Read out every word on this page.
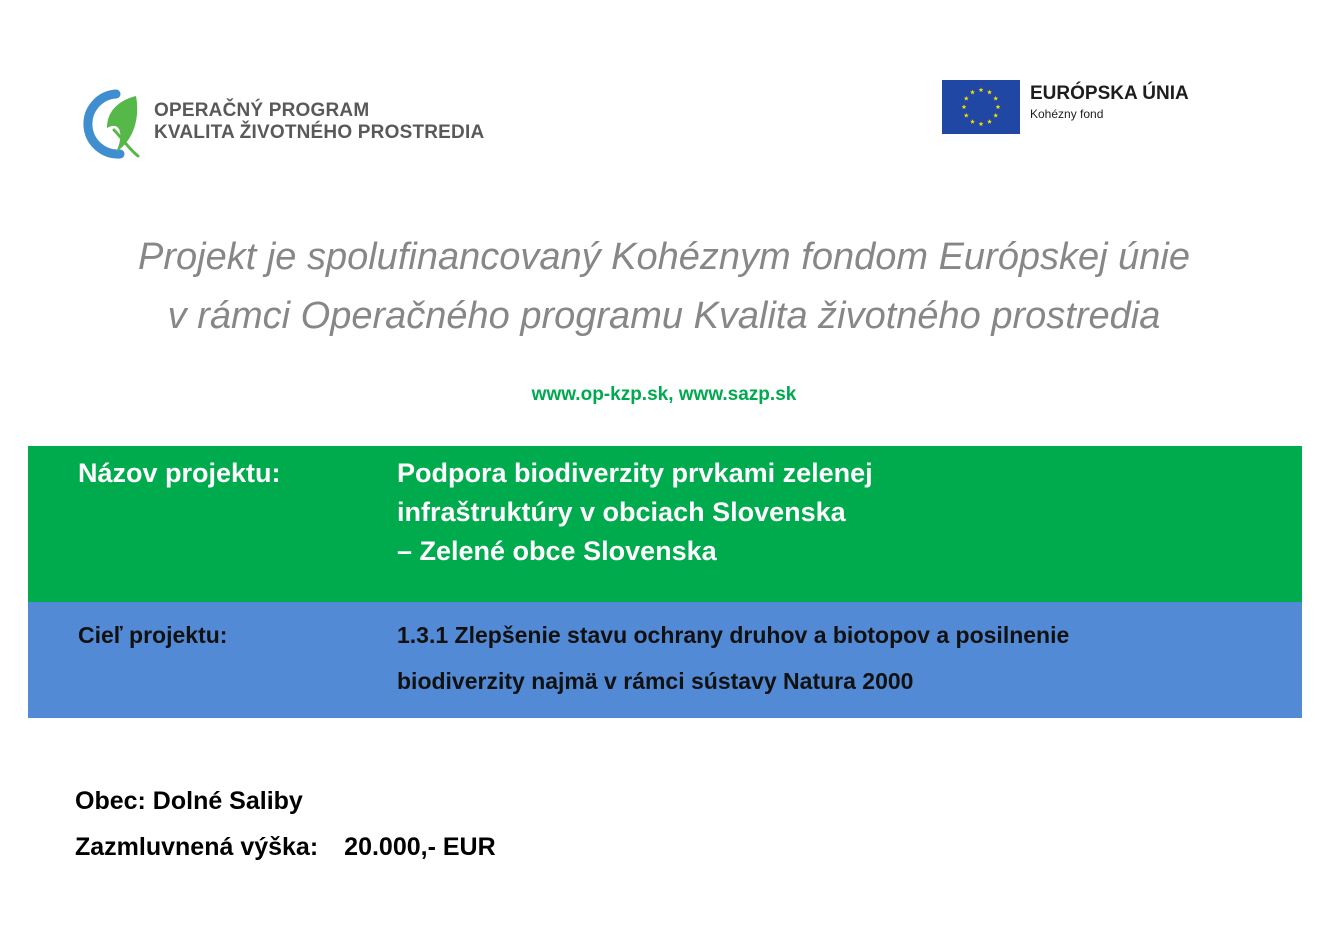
OPERAČNÝ PROGRAM
KVALITA ŽIVOTNÉHO PROSTREDIA
EURÓPSKA ÚNIA
Kohézny fond
Projekt je spolufinancovaný Kohéznym fondom Európskej únie
v rámci Operačného programu Kvalita životného prostredia
www.op-kzp.sk, www.sazp.sk
Názov projektu:	Podpora biodiverzity prvkami zelenej
infraštruktúry v obciach Slovenska
– Zelené obce Slovenska
Cieľ projektu:	1.3.1 Zlepšenie stavu ochrany druhov a biotopov a posilnenie
biodiverzity najmä v rámci sústavy Natura 2000
Obec: Dolné Saliby
Zazmluvnená výška: 20.000,- EUR
